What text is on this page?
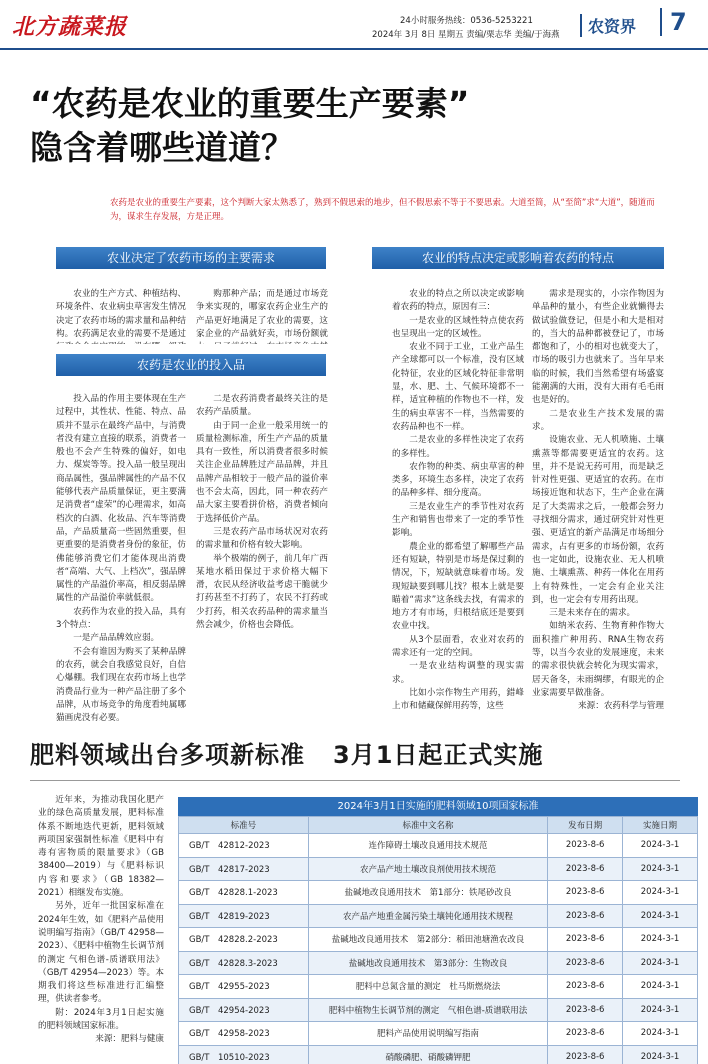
北方蔬菜报	24小时服务热线：0536-5253221
2024年 3月 8日 星期五 责编/栗志华 美编/于海燕	农资界	7
“农药是农业的重要生产要素”
隐含着哪些道道？
农药是农业的重要生产要素，这个判断大家太熟悉了，熟到不假思索的地步，但不假思索不等于不要思索。大道至简，从“至简”求“大道”，随道而为，谋求生存发展，方是正理。
农业决定了农药市场的主要需求

农业的生产方式、种植结构、环境条件、农业病虫草害发生情况决定了农药市场的需求量和品种结构。农药满足农业的需要不是通过

购那种产品；而是通过市场竞争来实现的，哪家农药企业生产的产品更好地满足了农业的需要，这家企业的产品就好卖，市场份额就

农药是农业的投入品

投入品的作用主要体现在生产过程中，其性状、性能、特点、品质并不显示在最终产品中，与消费者没有建立直接的联系，消费者一般也不会产生特殊的偏好，如电力、煤炭等等。投入品一般呈现出商品属性，强品牌属性的产品不仅能够代表产品质量保证，更主要满足消费者“虚荣”的心理需求，如高档次的白酒、化妆品、汽车等消费品，产品质量高一些固然重要，但更重要的是消费者身份的象征，仿佛能够消费它们才能体现出消费者“高端、大气、上档次”，强品牌属性的产品溢价率高，相反弱品牌属性的产品溢价率就低很。

农药作为农业的投入品，具有3个特点：

一是产品品牌效应弱。

不会有谁因为购买了某种品牌的农药，就会自我感觉良好，自信心爆棚。我们现在农药市场上也学消费品行业为一种产品注册了多个品牌，从市场竞争的角度看纯属哪猫画虎没有必要。

二是农药消费者最终关注的是农药产品质量。

由于同一企业一般采用统一的质量检测标准，所生产产品的质量具有一致性，所以消费者很多时候关注企业品牌胜过产品品牌，并且品牌产品相较于一般产品的溢价率也不会太高，因此，同一种农药产品大家主要看拼价格，消费者倾向于选择低价产品。

三是农药产品市场状况对农药的需求量和价格有较大影响。

举个极端的例子，前几年广西某地水稻田保过于求价格大幅下滑，农民从经济收益考虑干脆就少打药甚至不打药了，农民不打药或少打药，相关农药品种的需求量当然会减少，价格也会降低。

农业的特点决定或影响着农药的特点

农业的特点之所以决定或影响着农药的特点，原因有三：

一是农业的区域性特点使农药也呈现出一定的区域性。

农业不同于工业，工业产品生产全球都可以一个标准，没有区域化特征，农业的区域化特征非常明显，水、肥、土、气候环境都不一样，适宜种植的作物也不一样，发生的病虫草害不一样，当然需要的农药品种也不一样。

二是农业的多样性决定了农药的多样性。

农作物的种类、病虫草害的种类多，环境生态多样，决定了农药的品种多样、细分度高。

三是农业生产的季节性对农药生产和销售也带来了一定的季节性影响。

農企业的都希望了解哪些产品还有短缺，特别是市场是保过剩的情况，下，短缺就意味着市场。发现短缺要到哪儿找？根本上就是要瞄着“需求”这条线去找，有需求的地方才有市场，归根结底还是要到农业中找。

从3个层面看，农业对农药的需求还有一定的空间。

一是农业结构调整的现实需求。

比如小宗作物生产用药，錯峰上市和储藏保鲜用药等，这些

需求是现实的，小宗作物因为单品种的量小，有些企业就懒得去做试验做登记，但是小和大是相对的，当大的品种都被登记了，市场都饱和了，小的相对也就变大了，市场的吸引力也就来了。当年早来临的时候，我们当然希望有场盛宴能潮满的大雨，没有大雨有毛毛雨也是好的。

二是农业生产技术发展的需求。

设施农业、无人机喷施、土壤熏蒸等都需要更适宜的农药。这里，并不是说无药可用，而是缺乏针对性更强、更适宜的农药。在市场接近饱和状态下，生产企业在满足了大类需求之后，一般都会努力寻找细分需求，通过研究针对性更强、更适宜的新产品满足市场细分需求，占有更多的市场份额，农药也一定如此，设施农业、无人机喷施、土壤熏蒸、种药一体化在用药上有特殊性，一定会有企业关注到，也一定会有专用药出现。

三是未来存在的需求。

如纳米农药、生物育种作物大面积推广种用药、RNA生物农药等，以当今农业的发展速度，未来的需求很快就会转化为现实需求，居天备冬，未雨绸缪，有眼光的企业家需要早做准备。

来源：农药科学与管理

肥料领域出台多项新标准 3月1日起正式实施

近年来，为推动我国化肥产业的绿色高质量发展，肥料标准体系不断地迭代更新，肥料领域两项国家强制性标准《肥料中有毒有害物质的限量要求》（GB 38400—2019）与《肥料标识 内容和要求》（GB 18382—2021）相继发布实施。

另外，近年一批国家标准在2024年生效，如《肥料产品使用说明编写指南》（GB/T 42958—2023）、《肥料中植物生长调节剂的测定 气相色谱-质谱联用法》（GB/T 42954—2023）等。本期我们将这些标准进行汇编整理，供读者参考。

附：2024年3月1日起实施的肥料领域国家标准。

来源：肥料与健康

2024年3月1日实施的肥料领域10项国家标准
标准号	标准中文名称	发布日期	实施日期
GB/T　42812-2023	连作障碍土壤改良通用技术规范	2023-8-6	2024-3-1
GB/T　42817-2023	农产品产地土壤改良剂使用技术规范	2023-8-6	2024-3-1
GB/T　42828.1-2023	盐碱地改良通用技术　第1部分：铁尾砂改良	2023-8-6	2024-3-1
GB/T　42819-2023	农产品产地重金属污染土壤钝化通用技术规程	2023-8-6	2024-3-1
GB/T　42828.2-2023	盐碱地改良通用技术　第2部分：稻田池塘渔农改良	2023-8-6	2024-3-1
GB/T　42828.3-2023	盐碱地改良通用技术　第3部分：生物改良	2023-8-6	2024-3-1
GB/T　42955-2023	肥料中总氮含量的测定　杜马斯燃烧法	2023-8-6	2024-3-1
GB/T　42954-2023	肥料中植物生长调节剂的测定　气相色谱-质谱联用法	2023-8-6	2024-3-1
GB/T　42958-2023	肥料产品使用说明编写指南	2023-8-6	2024-3-1
GB/T　10510-2023	硝酸磷肥、硝酸磷钾肥	2023-8-6	2024-3-1
